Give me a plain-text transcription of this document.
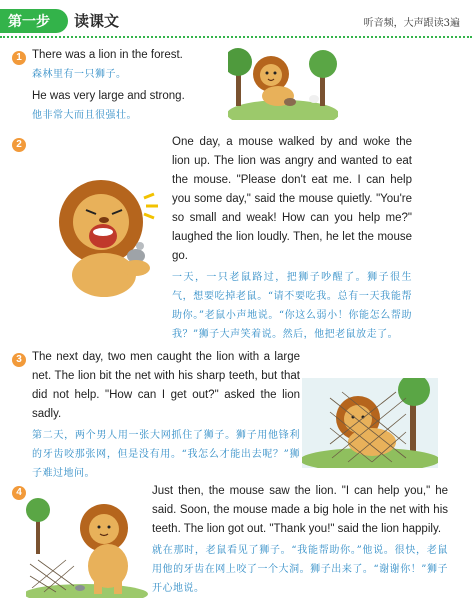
第一步	读课文	听音频，大声跟读3遍
1 There was a lion in the forest.

森林里有一只狮子。

He was very large and strong.

他非常大而且很强壮。

2	One day, a mouse walked by and woke the lion up. The lion was angry and wanted to eat the mouse. "Please don't eat me. I can help you some day," said the mouse quietly. "You're so small and weak! How can you help me?" laughed the lion loudly. Then, he let the mouse go.

一天，一只老鼠路过，把狮子吵醒了。狮子很生气，想要吃掉老鼠。“请不要吃我。总有一天我能帮助你。”老鼠小声地说。“你这么弱小！你能怎么帮助我？”狮子大声笑着说。然后，他把老鼠放走了。

3 The next day, two men caught the lion with a large net. The lion bit the net with his sharp teeth, but that did not help. "How can I get out?" asked the lion sadly.

第二天，两个男人用一张大网抓住了狮子。狮子用他锋利的牙齿咬那张网，但是没有用。“我怎么才能出去呢？”狮子难过地问。

4	Just then, the mouse saw the lion. "I can help you," he said. Soon, the mouse made a big hole in the net with his teeth. The lion got out. "Thank you!" said the lion happily.

就在那时，老鼠看见了狮子。“我能帮助你。”他说。很快，老鼠用他的牙齿在网上咬了一个大洞。狮子出来了。“谢谢你！”狮子开心地说。
